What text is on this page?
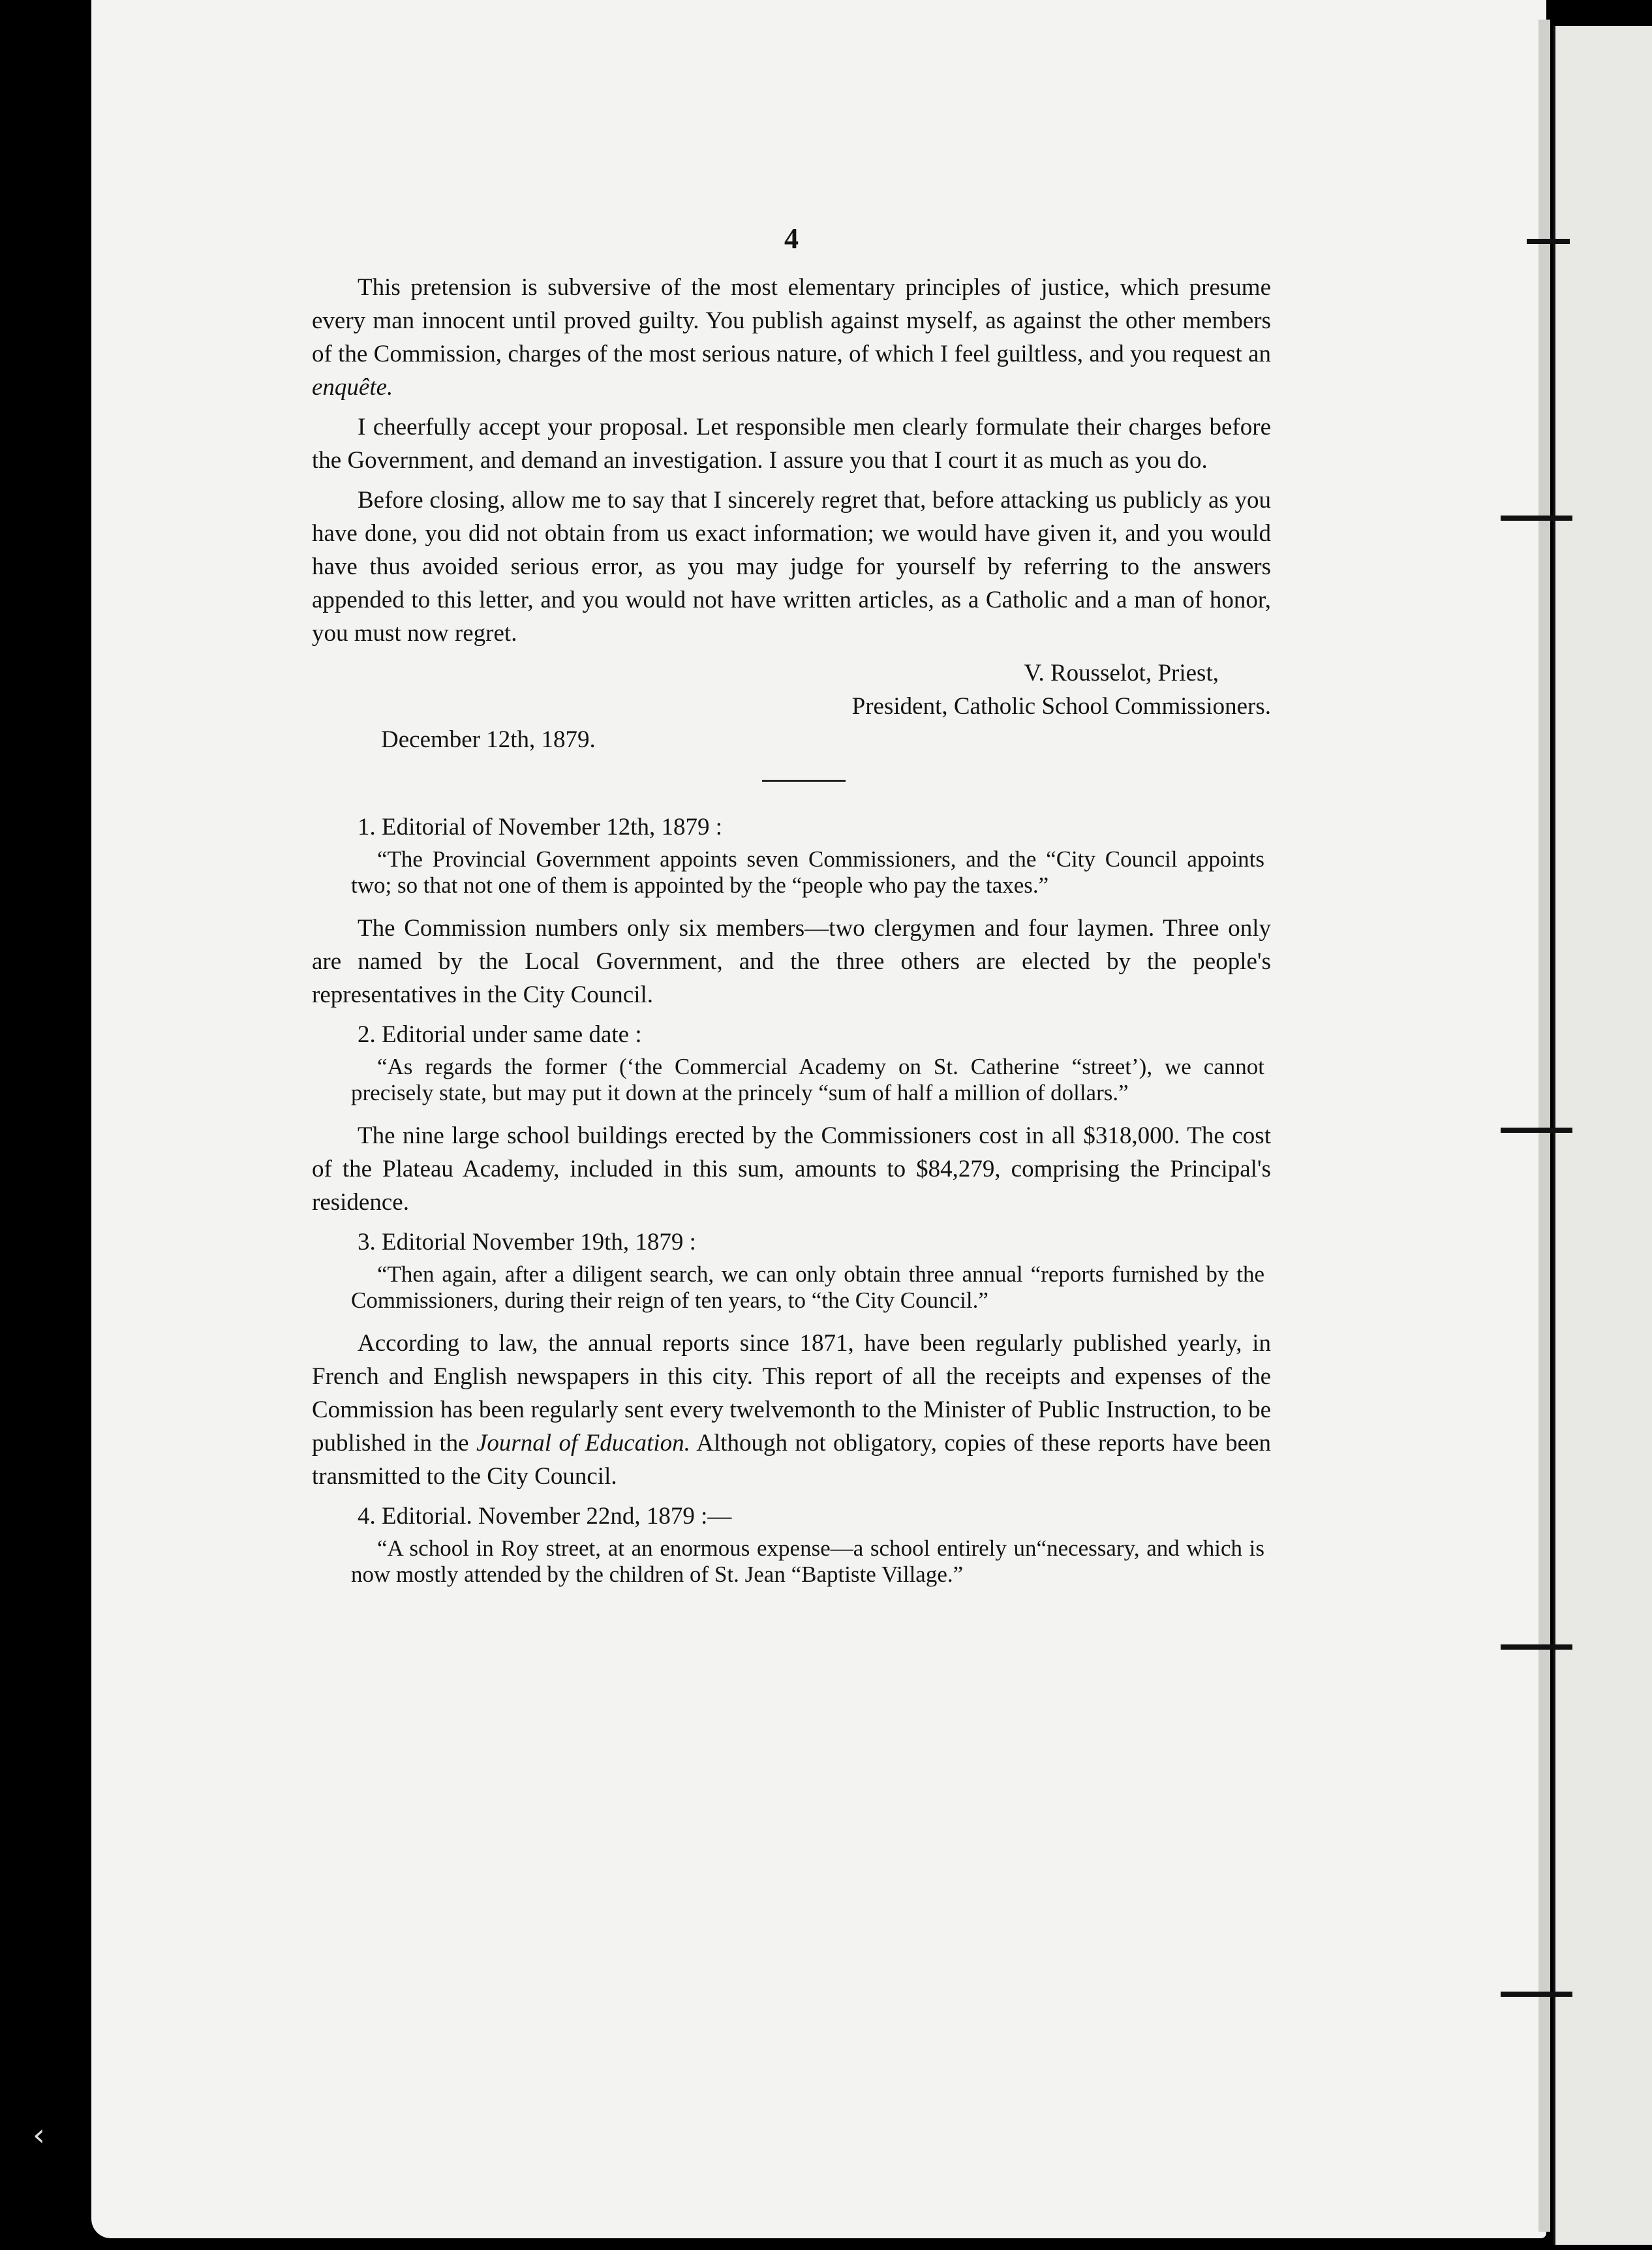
‹
4

This pretension is subversive of the most elementary principles of justice, which presume every man innocent until proved guilty. You publish against myself, as against the other members of the Commission, charges of the most serious nature, of which I feel guiltless, and you request an enquête.

I cheerfully accept your proposal. Let responsible men clearly formulate their charges before the Government, and demand an investigation. I assure you that I court it as much as you do.

Before closing, allow me to say that I sincerely regret that, before attacking us publicly as you have done, you did not obtain from us exact information; we would have given it, and you would have thus avoided serious error, as you may judge for yourself by referring to the answers appended to this letter, and you would not have written articles, as a Catholic and a man of honor, you must now regret.

V. Rousselot, Priest,
President, Catholic School Commissioners.

December 12th, 1879.

1. Editorial of November 12th, 1879 :
“The Provincial Government appoints seven Commissioners, and the “City Council appoints two; so that not one of them is appointed by the “people who pay the taxes.”

The Commission numbers only six members—two clergymen and four laymen. Three only are named by the Local Government, and the three others are elected by the people's representatives in the City Council.

2. Editorial under same date :
“As regards the former (‘the Commercial Academy on St. Catherine “street’), we cannot precisely state, but may put it down at the princely “sum of half a million of dollars.”

The nine large school buildings erected by the Commissioners cost in all $318,000. The cost of the Plateau Academy, included in this sum, amounts to $84,279, comprising the Principal's residence.

3. Editorial November 19th, 1879 :
“Then again, after a diligent search, we can only obtain three annual “reports furnished by the Commissioners, during their reign of ten years, to “the City Council.”

According to law, the annual reports since 1871, have been regularly published yearly, in French and English newspapers in this city. This report of all the receipts and expenses of the Commission has been regularly sent every twelvemonth to the Minister of Public Instruction, to be published in the Journal of Education. Although not obligatory, copies of these reports have been transmitted to the City Council.

4. Editorial. November 22nd, 1879 :—
“A school in Roy street, at an enormous expense—a school entirely un“necessary, and which is now mostly attended by the children of St. Jean “Baptiste Village.”
